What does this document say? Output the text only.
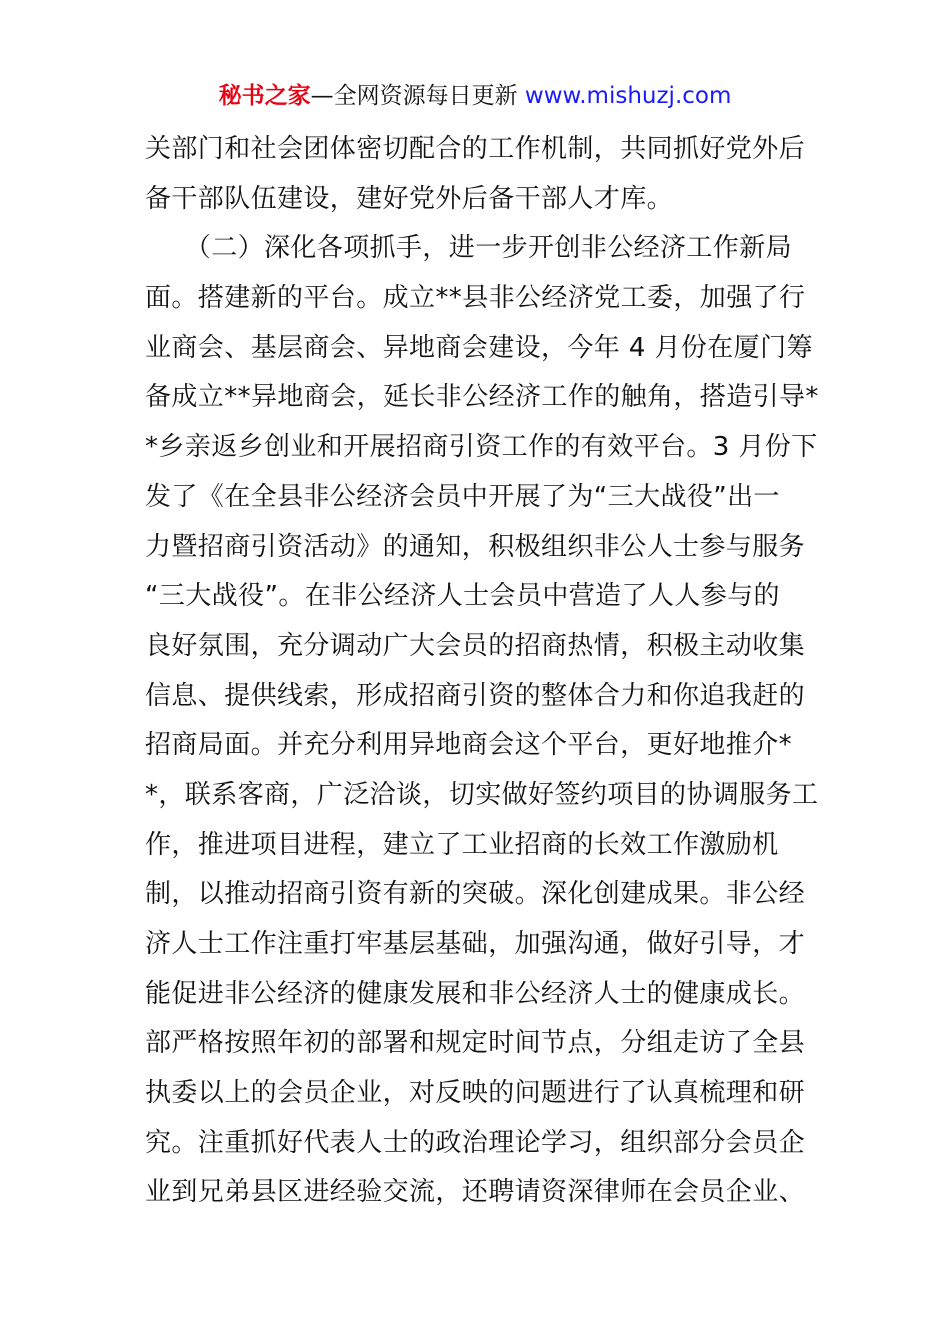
秘书之家—全网资源每日更新 www.mishuzj.com
关部门和社会团体密切配合的工作机制，共同抓好党外后
备干部队伍建设，建好党外后备干部人才库。
　　（二）深化各项抓手，进一步开创非公经济工作新局
面。搭建新的平台。成立**县非公经济党工委，加强了行
业商会、基层商会、异地商会建设，今年 4 月份在厦门筹
备成立**异地商会，延长非公经济工作的触角，搭造引导*
*乡亲返乡创业和开展招商引资工作的有效平台。3 月份下
发了《在全县非公经济会员中开展了为“三大战役”出一
力暨招商引资活动》的通知，积极组织非公人士参与服务
“三大战役”。在非公经济人士会员中营造了人人参与的
良好氛围，充分调动广大会员的招商热情，积极主动收集
信息、提供线索，形成招商引资的整体合力和你追我赶的
招商局面。并充分利用异地商会这个平台，更好地推介*
*，联系客商，广泛洽谈，切实做好签约项目的协调服务工
作，推进项目进程，建立了工业招商的长效工作激励机
制，以推动招商引资有新的突破。深化创建成果。非公经
济人士工作注重打牢基层基础，加强沟通，做好引导，才
能促进非公经济的健康发展和非公经济人士的健康成长。
部严格按照年初的部署和规定时间节点，分组走访了全县
执委以上的会员企业，对反映的问题进行了认真梳理和研
究。注重抓好代表人士的政治理论学习，组织部分会员企
业到兄弟县区进经验交流，还聘请资深律师在会员企业、
